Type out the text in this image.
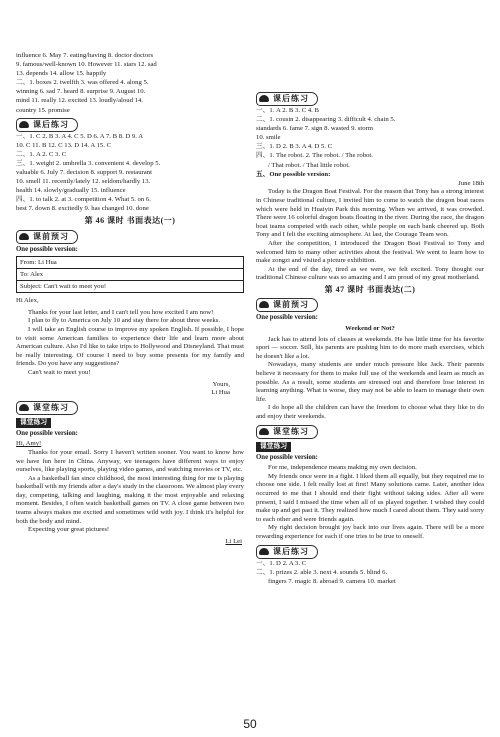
influence 6. May 7. eating/having 8. doctor doctors

9. famous/well-known 10. However 11. stars 12. sad

13. depends 14. allow 15. happily

二、1. boxes 2. twelfth 3. was offered 4. along 5.

winning 6. sad 7. heard 8. surprise 9. August 10.

mind 11. really 12. excited 13. loudly/aloud 14.

country 15. promise

课后练习

一、1. C 2. B 3. A 4. C 5. D 6. A 7. B 8. D 9. A

10. C 11. B 12. C 13. D 14. A 15. C

二、1. A 2. C 3. C

三、1. weight 2. umbrella 3. convenient 4. develop 5.

valuable 6. July 7. decision 8. support 9. restaurant

10. smell 11. recently/lately 12. seldom/hardly 13.

health 14. slowly/gradually 15. influence

四、1. to talk 2. at 3. competition 4. What 5. on 6.

best 7. down 8. excitedly 9. has changed 10. done

第 46 课时 书面表达(一)

课前预习

One possible version:

From: Li Hua
To: Alex
Subject: Can't wait to meet you!

Hi Alex,

Thanks for your last letter, and I can't tell you how excited I am now!

I plan to fly to America on July 10 and stay there for about three weeks.

I will take an English course to improve my spoken English. If possible, I hope to visit some American families to experience their life and learn more about American culture. Also I'd like to take trips to Hollywood and Disneyland. That must be really interesting. Of course I need to buy some presents for my family and friends. Do you have any suggestions?

Can't wait to meet you!

Yours,

Li Hua

课堂练习
课堂练习

One possible version:

Hi, Amy!

Thanks for your email. Sorry I haven't written sooner. You want to know how we have fun here in China. Anyway, we teenagers have different ways to enjoy ourselves, like playing sports, playing video games, and watching movies or TV, etc.

As a basketball fan since childhood, the most interesting thing for me is playing basketball with my friends after a day's study in the classroom. We almost play every day, competing, talking and laughing, making it the most enjoyable and relaxing moment. Besides, I often watch basketball games on TV. A close game between two teams always makes me excited and sometimes wild with joy. I think it's helpful for both the body and mind.

Expecting your great pictures!

Li Lei

课后练习

一、1. A 2. B 3. C 4. B

二、1. cousin 2. disappearing 3. difficult 4. chain 5.

standards 6. fame 7. sign 8. wasted 9. storm

10. smile

三、1. D 2. B 3. A 4. D 5. C

四、1. The robot. 2. The robot. / The robot.

/ That robot. / That little robot.

五、One possible version:

June 18th

Today is the Dragon Boat Festival. For the reason that Tony has a strong interest in Chinese traditional culture, I invited him to come to watch the dragon boat races which were held in Huaiyin Park this morning. When we arrived, it was crowded. There were 16 colorful dragon boats floating in the river. During the race, the dragon boat teams competed with each other, while people on each bank cheered up. Both Tony and I felt the exciting atmosphere. At last, the Courage Team won.

After the competition, I introduced the Dragon Boat Festival to Tony and welcomed him to many other activities about the festival. We went to learn how to make zongzi and visited a picture exhibition.

At the end of the day, tired as we were, we felt excited. Tony thought our traditional Chinese culture was so amazing and I am proud of my great motherland.

第 47 课时 书面表达(二)

课前预习

One possible version:

Weekend or Not?

Jack has to attend lots of classes at weekends. He has little time for his favorite sport — soccer. Still, his parents are pushing him to do more math exercises, which he doesn't like a lot.

Nowadays, many students are under much pressure like Jack. Their parents believe it necessary for them to make full use of the weekends and learn as much as possible. As a result, some students are stressed out and therefore lose interest in learning anything. What is worse, they may not be able to learn to manage their own life.

I do hope all the children can have the freedom to choose what they like to do and enjoy their weekends.

课堂练习
课堂练习

One possible version:

For me, independence means making my own decision.

My friends once were in a fight. I liked them all equally, but they required me to choose one side. I felt really lost at first! Many solutions came. Later, another idea occurred to me that I should end their fight without taking sides. After all were present, I said I missed the time when all of us played together. I wished they could make up and get past it. They realized how much I cared about them. They said sorry to each other and were friends again.

My right decision brought joy back into our lives again. There will be a more rewarding experience for each if one tries to be true to oneself.

课后练习

一、1. D 2. A 3. C

二、1. prizes 2. able 3. next 4. sounds 5. blind 6.

fingers 7. magic 8. abroad 9. camera 10. market

50
